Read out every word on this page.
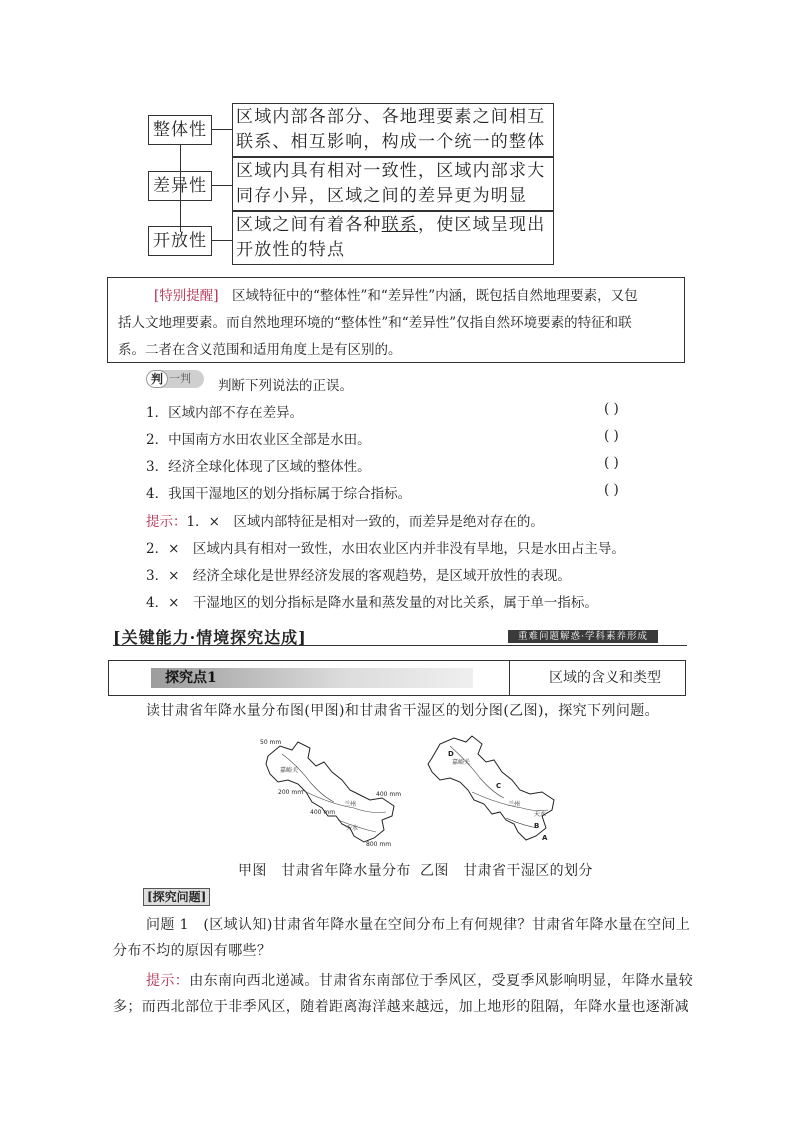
整体性
区域内部各部分、各地理要素之间相互
联系、相互影响，构成一个统一的整体
差异性
区域内具有相对一致性，区域内部求大
同存小异，区域之间的差异更为明显
开放性
区域之间有着各种联系，使区域呈现出
开放性的特点
[特别提醒]　 区域特征中的“整体性”和“差异性”内涵，既包括自然地理要素，又包
括人文地理要素。而自然地理环境的“整体性”和“差异性”仅指自然环境要素的特征和联
系。二者在含义范围和适用角度上是有区别的。
判 一判 判断下列说法的正误。
1．区域内部不存在差异。	( )
2．中国南方水田农业区全部是水田。	( )
3．经济全球化体现了区域的整体性。	( )
4．我国干湿地区的划分指标属于综合指标。	( )
提示：1．×　区域内部特征是相对一致的，而差异是绝对存在的。
2．×　区域内具有相对一致性，水田农业区内并非没有旱地，只是水田占主导。
3．×　经济全球化是世界经济发展的客观趋势，是区域开放性的表现。
4．×　干湿地区的划分指标是降水量和蒸发量的对比关系，属于单一指标。
[关键能力·情境探究达成]	重难问题解惑·学科素养形成
探究点1	区域的含义和类型
读甘肃省年降水量分布图(甲图)和甘肃省干湿区的划分图(乙图)，探究下列问题。
50 mm
嘉峪关
200 mm	400 mm
兰州
400 mm
天水
800 mm
D
嘉峪关
C
兰州
天水
B
A
甲图　甘肃省年降水量分布 乙图　甘肃省干湿区的划分
[探究问题]
问题 1　(区域认知)甘肃省年降水量在空间分布上有何规律？甘肃省年降水量在空间上
分布不均的原因有哪些？
提示：由东南向西北递减。甘肃省东南部位于季风区，受夏季风影响明显，年降水量较
多；而西北部位于非季风区，随着距离海洋越来越远，加上地形的阻隔，年降水量也逐渐减
